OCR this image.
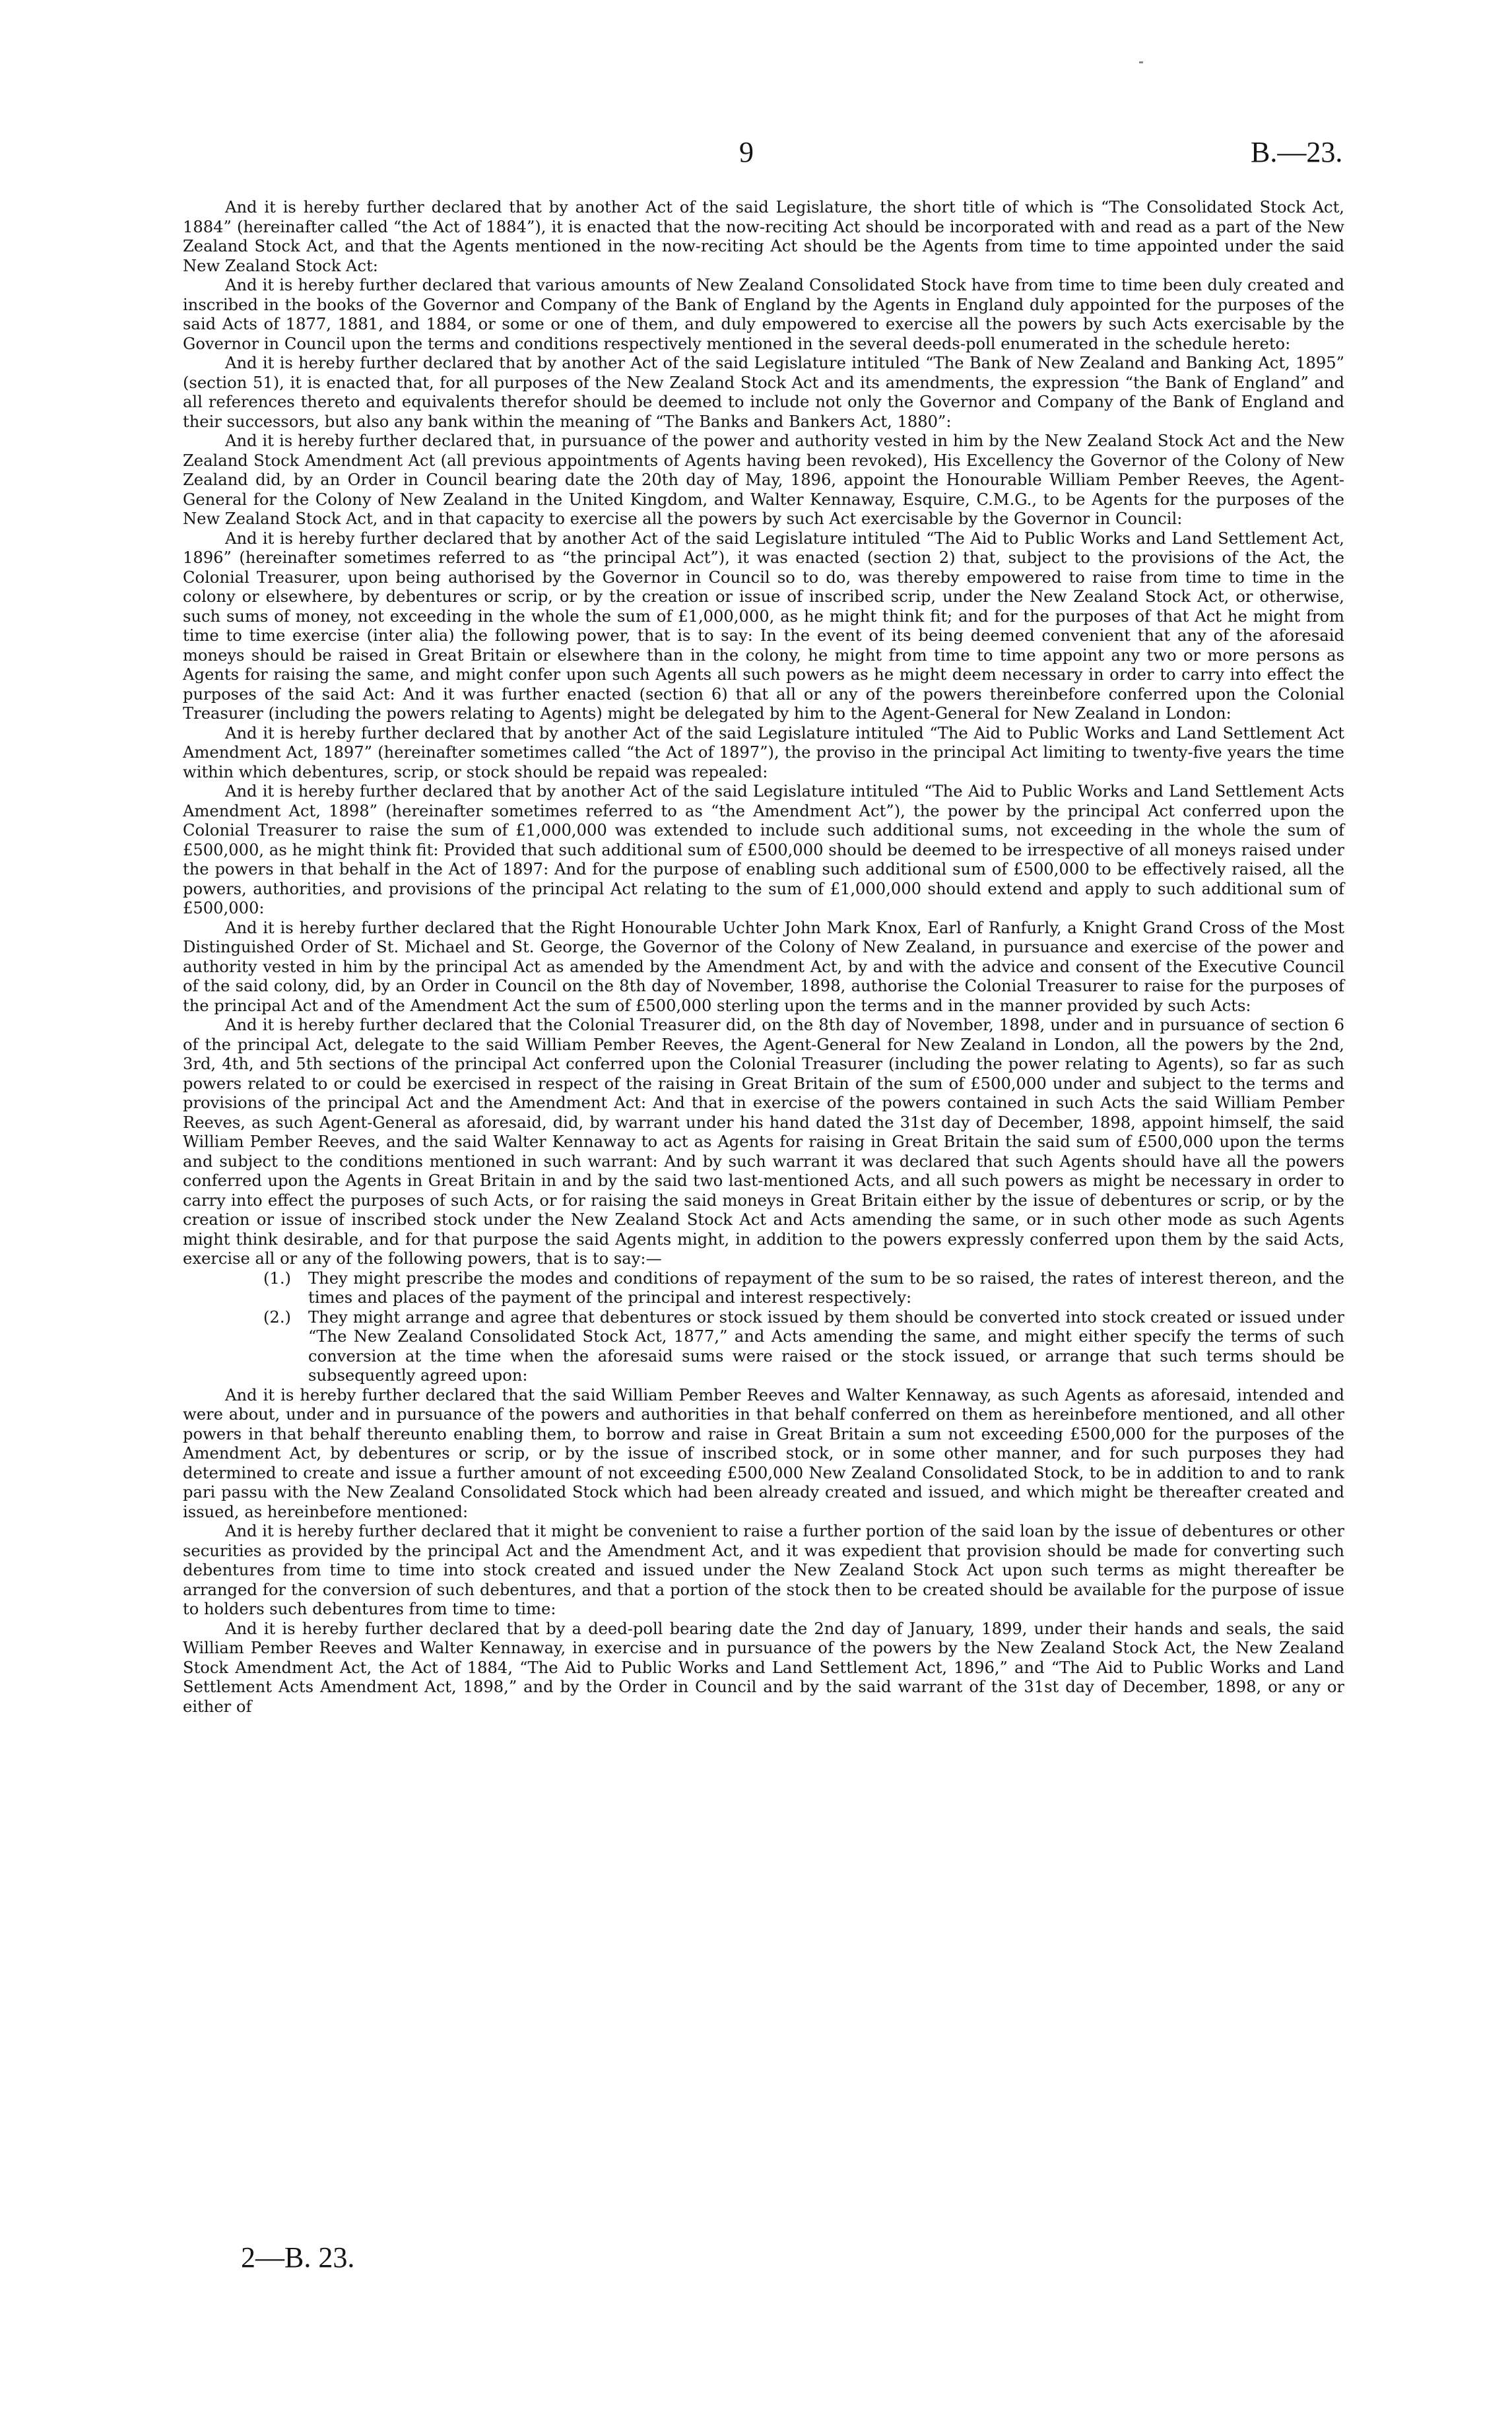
9	B.—23.

And it is hereby further declared that by another Act of the said Legislature, the short title of which is “The Consolidated Stock Act, 1884” (hereinafter called “the Act of 1884”), it is enacted that the now-reciting Act should be incorporated with and read as a part of the New Zealand Stock Act, and that the Agents mentioned in the now-reciting Act should be the Agents from time to time appointed under the said New Zealand Stock Act:

And it is hereby further declared that various amounts of New Zealand Consolidated Stock have from time to time been duly created and inscribed in the books of the Governor and Company of the Bank of England by the Agents in England duly appointed for the purposes of the said Acts of 1877, 1881, and 1884, or some or one of them, and duly empowered to exercise all the powers by such Acts exercisable by the Governor in Council upon the terms and conditions respectively mentioned in the several deeds-poll enumerated in the schedule hereto:

And it is hereby further declared that by another Act of the said Legislature intituled “The Bank of New Zealand and Banking Act, 1895” (section 51), it is enacted that, for all purposes of the New Zealand Stock Act and its amendments, the expression “the Bank of England” and all references thereto and equivalents therefor should be deemed to include not only the Governor and Company of the Bank of England and their successors, but also any bank within the meaning of “The Banks and Bankers Act, 1880”:

And it is hereby further declared that, in pursuance of the power and authority vested in him by the New Zealand Stock Act and the New Zealand Stock Amendment Act (all previous appointments of Agents having been revoked), His Excellency the Governor of the Colony of New Zealand did, by an Order in Council bearing date the 20th day of May, 1896, appoint the Honourable William Pember Reeves, the Agent-General for the Colony of New Zealand in the United Kingdom, and Walter Kennaway, Esquire, C.M.G., to be Agents for the purposes of the New Zealand Stock Act, and in that capacity to exercise all the powers by such Act exercisable by the Governor in Council:

And it is hereby further declared that by another Act of the said Legislature intituled “The Aid to Public Works and Land Settlement Act, 1896” (hereinafter sometimes referred to as “the principal Act”), it was enacted (section 2) that, subject to the provisions of the Act, the Colonial Treasurer, upon being authorised by the Governor in Council so to do, was thereby empowered to raise from time to time in the colony or elsewhere, by debentures or scrip, or by the creation or issue of inscribed scrip, under the New Zealand Stock Act, or otherwise, such sums of money, not exceeding in the whole the sum of £1,000,000, as he might think fit; and for the purposes of that Act he might from time to time exercise (inter alia) the following power, that is to say: In the event of its being deemed convenient that any of the aforesaid moneys should be raised in Great Britain or elsewhere than in the colony, he might from time to time appoint any two or more persons as Agents for raising the same, and might confer upon such Agents all such powers as he might deem necessary in order to carry into effect the purposes of the said Act: And it was further enacted (section 6) that all or any of the powers thereinbefore conferred upon the Colonial Treasurer (including the powers relating to Agents) might be delegated by him to the Agent-General for New Zealand in London:

And it is hereby further declared that by another Act of the said Legislature intituled “The Aid to Public Works and Land Settlement Act Amendment Act, 1897” (hereinafter sometimes called “the Act of 1897”), the proviso in the principal Act limiting to twenty-five years the time within which debentures, scrip, or stock should be repaid was repealed:

And it is hereby further declared that by another Act of the said Legislature intituled “The Aid to Public Works and Land Settlement Acts Amendment Act, 1898” (hereinafter sometimes referred to as “the Amendment Act”), the power by the principal Act conferred upon the Colonial Treasurer to raise the sum of £1,000,000 was extended to include such additional sums, not exceeding in the whole the sum of £500,000, as he might think fit: Provided that such additional sum of £500,000 should be deemed to be irrespective of all moneys raised under the powers in that behalf in the Act of 1897: And for the purpose of enabling such additional sum of £500,000 to be effectively raised, all the powers, authorities, and provisions of the principal Act relating to the sum of £1,000,000 should extend and apply to such additional sum of £500,000:

And it is hereby further declared that the Right Honourable Uchter John Mark Knox, Earl of Ranfurly, a Knight Grand Cross of the Most Distinguished Order of St. Michael and St. George, the Governor of the Colony of New Zealand, in pursuance and exercise of the power and authority vested in him by the principal Act as amended by the Amendment Act, by and with the advice and consent of the Executive Council of the said colony, did, by an Order in Council on the 8th day of November, 1898, authorise the Colonial Treasurer to raise for the purposes of the principal Act and of the Amendment Act the sum of £500,000 sterling upon the terms and in the manner provided by such Acts:

And it is hereby further declared that the Colonial Treasurer did, on the 8th day of November, 1898, under and in pursuance of section 6 of the principal Act, delegate to the said William Pember Reeves, the Agent-General for New Zealand in London, all the powers by the 2nd, 3rd, 4th, and 5th sections of the principal Act conferred upon the Colonial Treasurer (including the power relating to Agents), so far as such powers related to or could be exercised in respect of the raising in Great Britain of the sum of £500,000 under and subject to the terms and provisions of the principal Act and the Amendment Act: And that in exercise of the powers contained in such Acts the said William Pember Reeves, as such Agent-General as aforesaid, did, by warrant under his hand dated the 31st day of December, 1898, appoint himself, the said William Pember Reeves, and the said Walter Kennaway to act as Agents for raising in Great Britain the said sum of £500,000 upon the terms and subject to the conditions mentioned in such warrant: And by such warrant it was declared that such Agents should have all the powers conferred upon the Agents in Great Britain in and by the said two last-mentioned Acts, and all such powers as might be necessary in order to carry into effect the purposes of such Acts, or for raising the said moneys in Great Britain either by the issue of debentures or scrip, or by the creation or issue of inscribed stock under the New Zealand Stock Act and Acts amending the same, or in such other mode as such Agents might think desirable, and for that purpose the said Agents might, in addition to the powers expressly conferred upon them by the said Acts, exercise all or any of the following powers, that is to say:—

(1.) They might prescribe the modes and conditions of repayment of the sum to be so raised, the rates of interest thereon, and the times and places of the payment of the principal and interest respectively:
(2.) They might arrange and agree that debentures or stock issued by them should be converted into stock created or issued under “The New Zealand Consolidated Stock Act, 1877,” and Acts amending the same, and might either specify the terms of such conversion at the time when the aforesaid sums were raised or the stock issued, or arrange that such terms should be subsequently agreed upon:

And it is hereby further declared that the said William Pember Reeves and Walter Kennaway, as such Agents as aforesaid, intended and were about, under and in pursuance of the powers and authorities in that behalf conferred on them as hereinbefore mentioned, and all other powers in that behalf thereunto enabling them, to borrow and raise in Great Britain a sum not exceeding £500,000 for the purposes of the Amendment Act, by debentures or scrip, or by the issue of inscribed stock, or in some other manner, and for such purposes they had determined to create and issue a further amount of not exceeding £500,000 New Zealand Consolidated Stock, to be in addition to and to rank pari passu with the New Zealand Consolidated Stock which had been already created and issued, and which might be thereafter created and issued, as hereinbefore mentioned:

And it is hereby further declared that it might be convenient to raise a further portion of the said loan by the issue of debentures or other securities as provided by the principal Act and the Amendment Act, and it was expedient that provision should be made for converting such debentures from time to time into stock created and issued under the New Zealand Stock Act upon such terms as might thereafter be arranged for the conversion of such debentures, and that a portion of the stock then to be created should be available for the purpose of issue to holders such debentures from time to time:

And it is hereby further declared that by a deed-poll bearing date the 2nd day of January, 1899, under their hands and seals, the said William Pember Reeves and Walter Kennaway, in exercise and in pursuance of the powers by the New Zealand Stock Act, the New Zealand Stock Amendment Act, the Act of 1884, “The Aid to Public Works and Land Settlement Act, 1896,” and “The Aid to Public Works and Land Settlement Acts Amendment Act, 1898,” and by the Order in Council and by the said warrant of the 31st day of December, 1898, or any or either of

2—B. 23.
